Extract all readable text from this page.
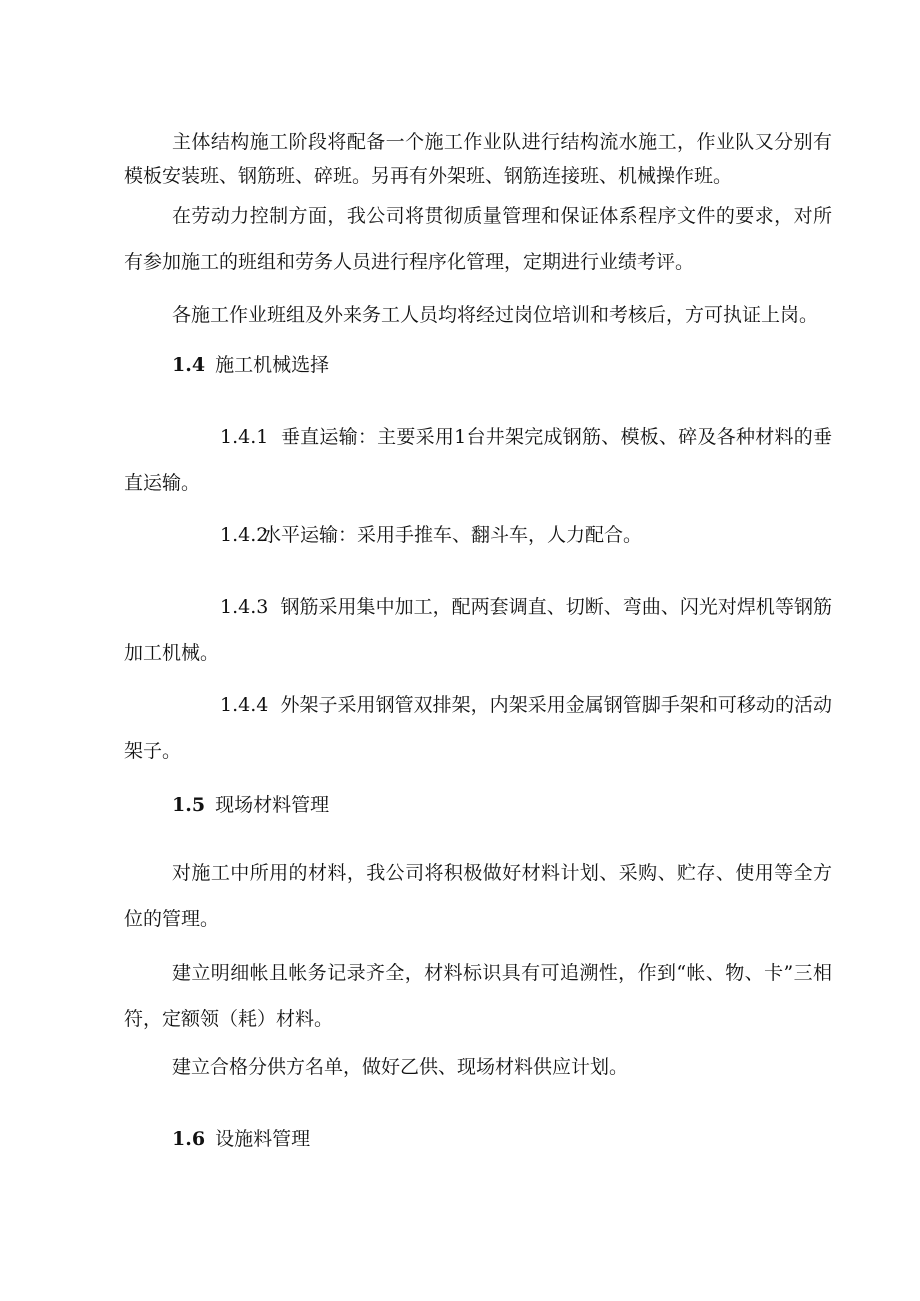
主体结构施工阶段将配备一个施工作业队进行结构流水施工，作业队又分别有模板安装班、钢筋班、碎班。另再有外架班、钢筋连接班、机械操作班。

在劳动力控制方面，我公司将贯彻质量管理和保证体系程序文件的要求，对所有参加施工的班组和劳务人员进行程序化管理，定期进行业绩考评。

各施工作业班组及外来务工人员均将经过岗位培训和考核后，方可执证上岗。

1.4 施工机械选择

1.4.1 垂直运输：主要采用1台井架完成钢筋、模板、碎及各种材料的垂直运输。

1.4.2水平运输：采用手推车、翻斗车，人力配合。

1.4.3 钢筋采用集中加工，配两套调直、切断、弯曲、闪光对焊机等钢筋加工机械。

1.4.4 外架子采用钢管双排架，内架采用金属钢管脚手架和可移动的活动架子。

1.5 现场材料管理

对施工中所用的材料，我公司将积极做好材料计划、采购、贮存、使用等全方位的管理。

建立明细帐且帐务记录齐全，材料标识具有可追溯性，作到“帐、物、卡”三相符，定额领（耗）材料。

建立合格分供方名单，做好乙供、现场材料供应计划。

1.6 设施料管理
